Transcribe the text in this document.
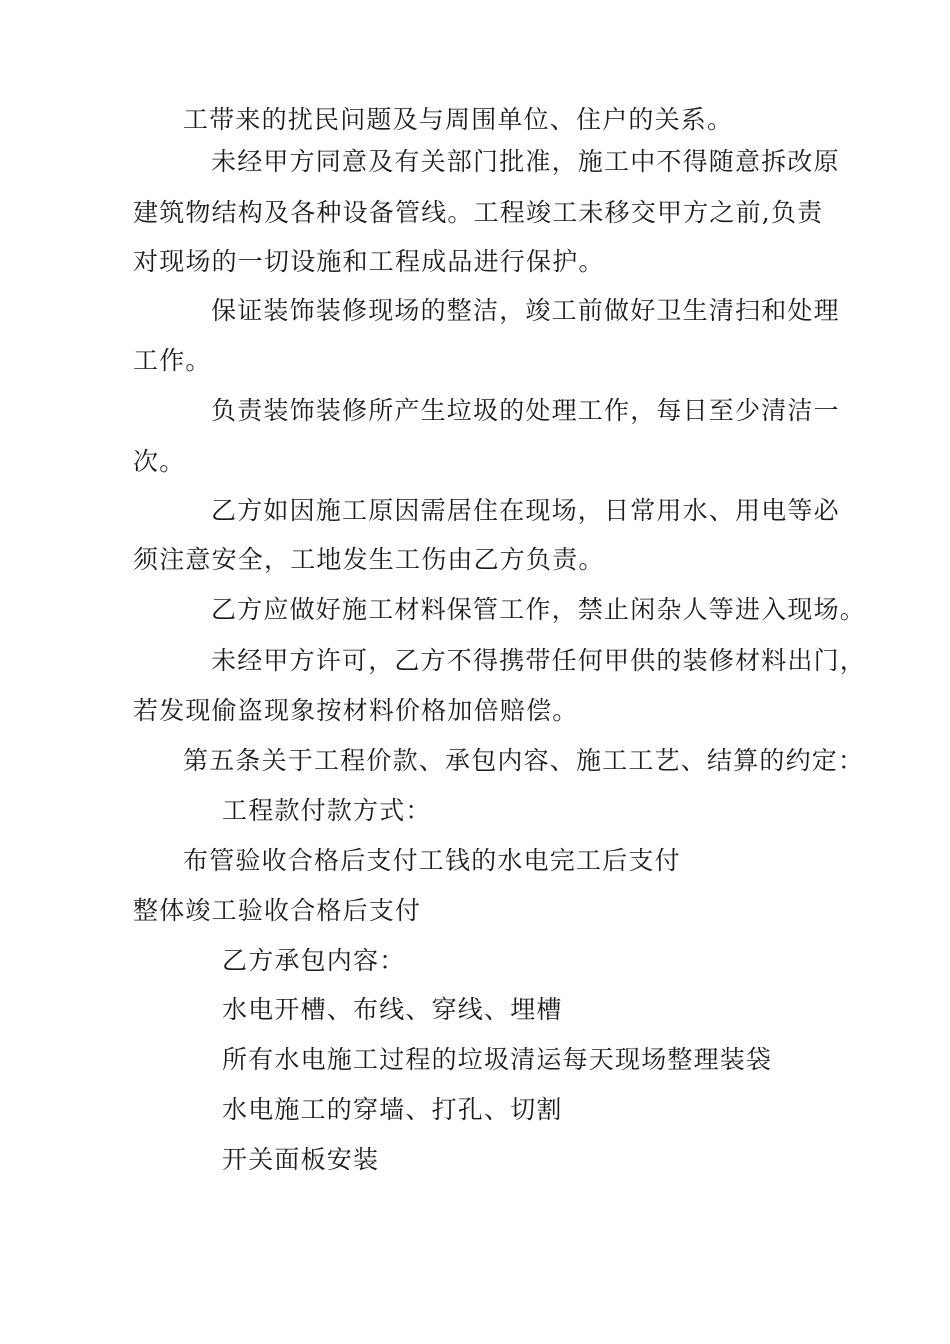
工带来的扰民问题及与周围单位、住户的关系。

未经甲方同意及有关部门批准，施工中不得随意拆改原

建筑物结构及各种设备管线。工程竣工未移交甲方之前,负责

对现场的一切设施和工程成品进行保护。

保证装饰装修现场的整洁，竣工前做好卫生清扫和处理

工作。

负责装饰装修所产生垃圾的处理工作，每日至少清洁一

次。

乙方如因施工原因需居住在现场，日常用水、用电等必

须注意安全，工地发生工伤由乙方负责。

乙方应做好施工材料保管工作，禁止闲杂人等进入现场。

未经甲方许可，乙方不得携带任何甲供的装修材料出门，

若发现偷盗现象按材料价格加倍赔偿。

第五条关于工程价款、承包内容、施工工艺、结算的约定：

工程款付款方式：

布管验收合格后支付工钱的水电完工后支付

整体竣工验收合格后支付

乙方承包内容：

水电开槽、布线、穿线、埋槽

所有水电施工过程的垃圾清运每天现场整理装袋

水电施工的穿墙、打孔、切割

开关面板安装
